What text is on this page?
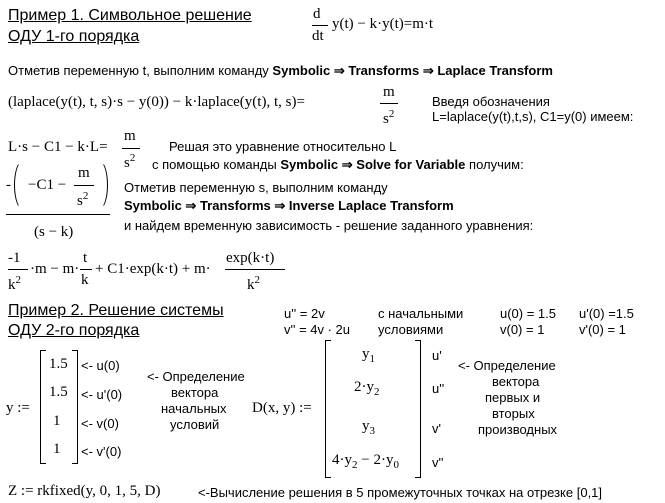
Пример 1. Символьное решение
ОДУ 1-го порядка
d
dt
y(t) − k·y(t)=m·t
Отметив переменную t, выполним команду Symbolic ⇒ Transforms ⇒ Laplace Transform
(laplace(y(t), t, s)·s − y(0)) − k·laplace(y(t), t, s)=
m
$s^2$
Введя обозначения
L=laplace(y(t),t,s), C1=y(0) имеем:
L·s − C1 − k·L=
m
$s^2$
Решая это уравнение относительно L
с помощью команды Symbolic ⇒ Solve for Variable получим:
- −C1 −
m
$s^2$
(s − k)
Отметив переменную s, выполним команду
Symbolic ⇒ Transforms ⇒ Inverse Laplace Transform
и найдем временную зависимость - решение заданного уравнения:
-1
$k^2$
·m − m·
t
k
+ C1·exp(k·t) + m·
exp(k·t)
$k^2$
Пример 2. Решение системы
ОДУ 2-го порядка
u'' = 2v
v'' = 4v · 2u
с начальными
условиями
u(0) = 1.5 u'(0) =1.5
v(0) = 1	v'(0) = 1
y :=
1.5
1.5
1
1
<- u(0)
<- u'(0)
<- v(0)
<- v'(0)
<- Определение
вектора
начальных
условий
D(x, y) :=
$y_1$
$2\cdot y_2$
$y_3$
$4\cdot y_2 - 2\cdot y_0$
u'
u''
v'
v''
<- Определение
вектора
первых и
вторых
производных
Z := rkfixed(y, 0, 1, 5, D)	<-Вычисление решения в 5 промежуточных точках на отрезке [0,1]
